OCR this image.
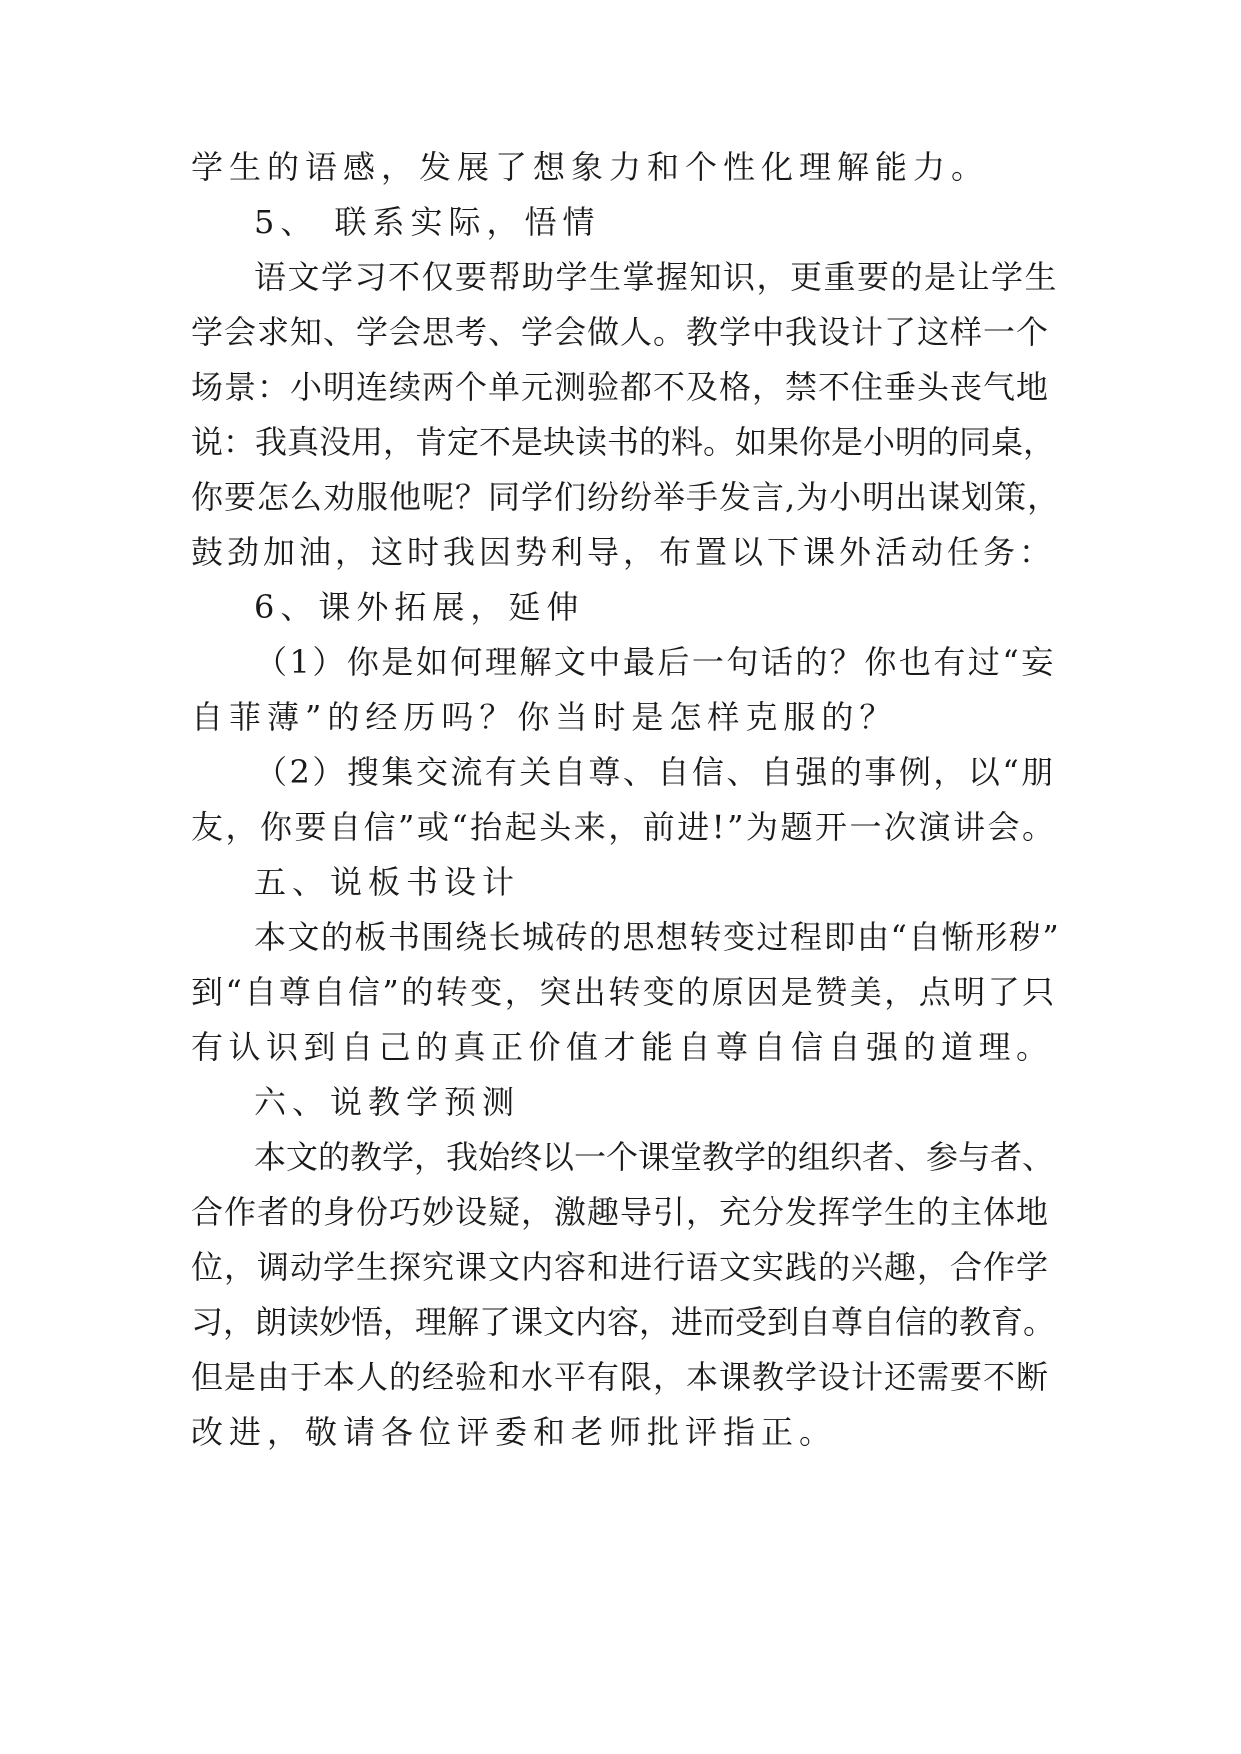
学生的语感，发展了想象力和个性化理解能力。
5、 联系实际，悟情
语文学习不仅要帮助学生掌握知识，更重要的是让学生
学会求知、学会思考、学会做人。教学中我设计了这样一个
场景：小明连续两个单元测验都不及格，禁不住垂头丧气地
说：我真没用，肯定不是块读书的料。如果你是小明的同桌，
你要怎么劝服他呢？同学们纷纷举手发言,为小明出谋划策，
鼓劲加油，这时我因势利导，布置以下课外活动任务：
6、课外拓展，延伸
（1）你是如何理解文中最后一句话的？你也有过“妄
自菲薄”的经历吗？你当时是怎样克服的？
（2）搜集交流有关自尊、自信、自强的事例，以“朋
友，你要自信”或“抬起头来，前进!”为题开一次演讲会。
五、说板书设计
本文的板书围绕长城砖的思想转变过程即由“自惭形秽”
到“自尊自信”的转变，突出转变的原因是赞美，点明了只
有认识到自己的真正价值才能自尊自信自强的道理。
六、说教学预测
本文的教学，我始终以一个课堂教学的组织者、参与者、
合作者的身份巧妙设疑，激趣导引，充分发挥学生的主体地
位，调动学生探究课文内容和进行语文实践的兴趣，合作学
习，朗读妙悟，理解了课文内容，进而受到自尊自信的教育。
但是由于本人的经验和水平有限，本课教学设计还需要不断
改进，敬请各位评委和老师批评指正。
